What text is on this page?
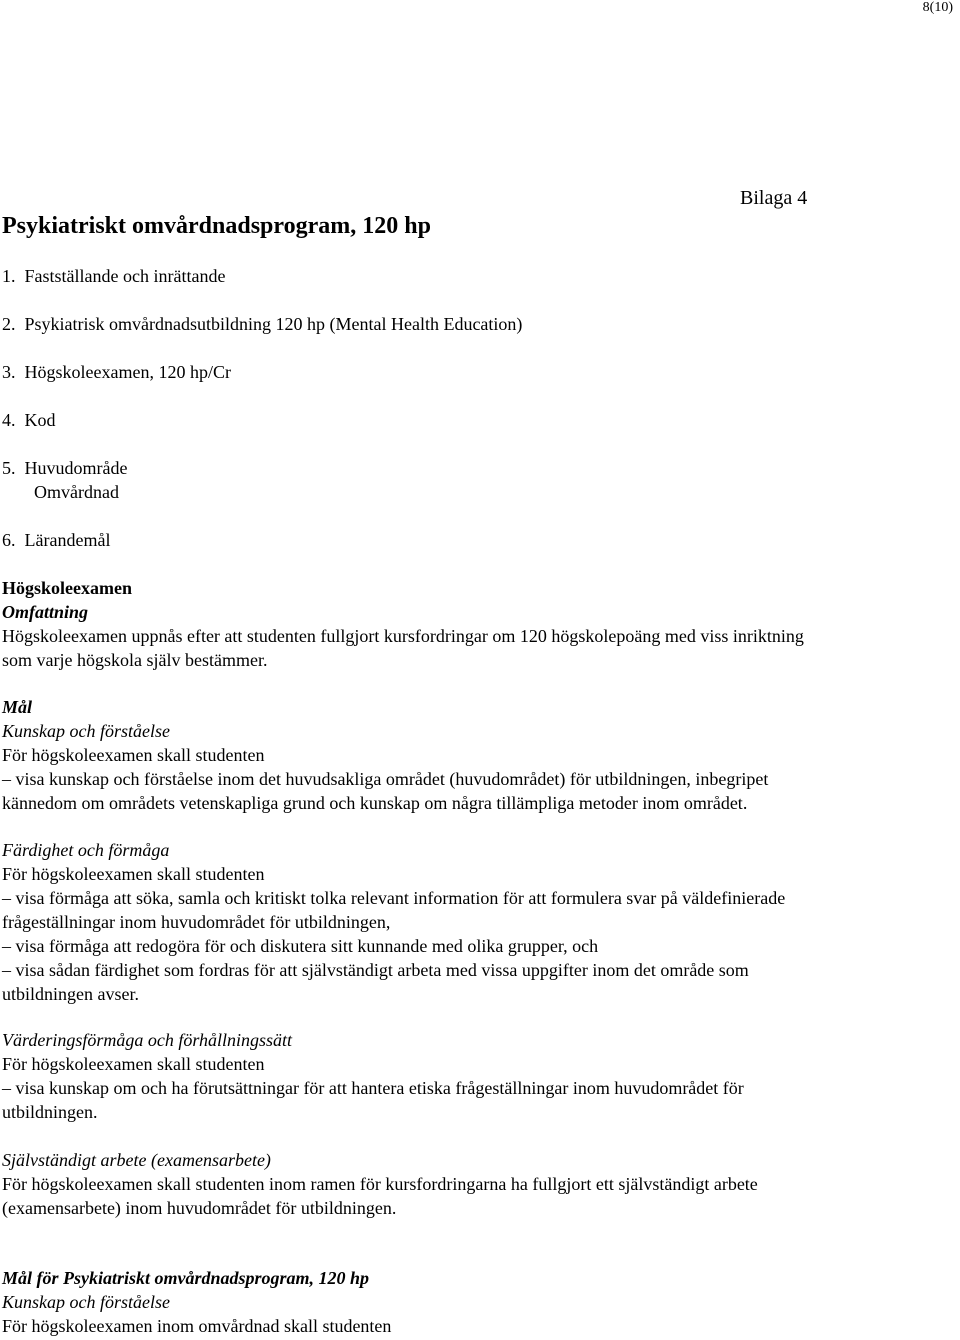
8(10)
Bilaga 4
Psykiatriskt omvårdnadsprogram, 120 hp
1. Fastställande och inrättande
2. Psykiatrisk omvårdnadsutbildning 120 hp (Mental Health Education)
3. Högskoleexamen, 120 hp/Cr
4. Kod
5. Huvudområde
Omvårdnad
6. Lärandemål
Högskoleexamen
Omfattning
Högskoleexamen uppnås efter att studenten fullgjort kursfordringar om 120 högskolepoäng med viss inriktning
som varje högskola själv bestämmer.
Mål
Kunskap och förståelse
För högskoleexamen skall studenten
– visa kunskap och förståelse inom det huvudsakliga området (huvudområdet) för utbildningen, inbegripet
kännedom om områdets vetenskapliga grund och kunskap om några tillämpliga metoder inom området.
Färdighet och förmåga
För högskoleexamen skall studenten
– visa förmåga att söka, samla och kritiskt tolka relevant information för att formulera svar på väldefinierade
frågeställningar inom huvudområdet för utbildningen,
– visa förmåga att redogöra för och diskutera sitt kunnande med olika grupper, och
– visa sådan färdighet som fordras för att självständigt arbeta med vissa uppgifter inom det område som
utbildningen avser.
Värderingsförmåga och förhållningssätt
För högskoleexamen skall studenten
– visa kunskap om och ha förutsättningar för att hantera etiska frågeställningar inom huvudområdet för
utbildningen.
Självständigt arbete (examensarbete)
För högskoleexamen skall studenten inom ramen för kursfordringarna ha fullgjort ett självständigt arbete
(examensarbete) inom huvudområdet för utbildningen.
Mål för Psykiatriskt omvårdnadsprogram, 120 hp
Kunskap och förståelse
För högskoleexamen inom omvårdnad skall studenten
